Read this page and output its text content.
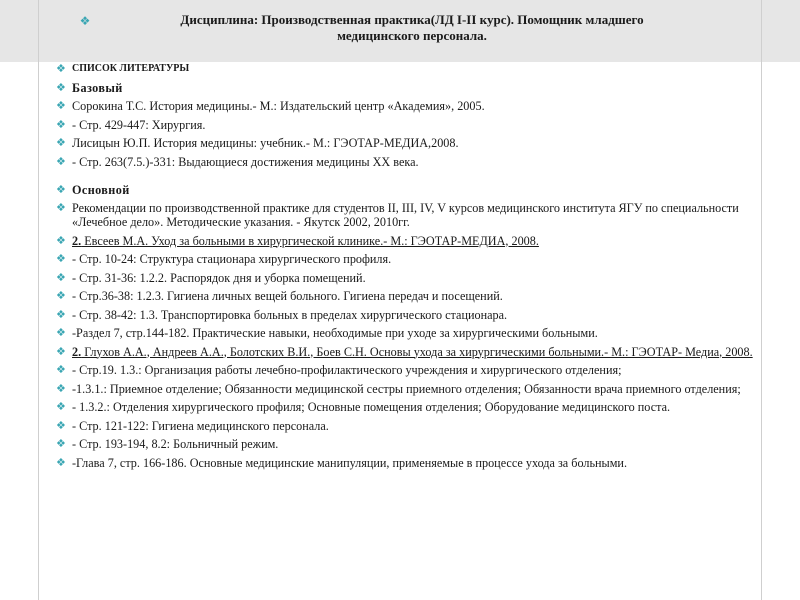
❖	Дисциплина: Производственная практика(ЛД I-II курс). Помощник младшего
медицинского персонала.
❖ СПИСОК ЛИТЕРАТУРЫ
❖ Базовый
❖ Сорокина Т.С. История медицины.- М.: Издательский центр «Академия», 2005.
❖ - Стр. 429-447: Хирургия.
❖ Лисицын Ю.П. История медицины: учебник.- М.: ГЭОТАР-МЕДИА,2008.
❖ - Стр. 263(7.5.)-331: Выдающиеся достижения медицины XX века.
❖ Основной
❖ Рекомендации по производственной практике для студентов II, III, IV, V курсов медицинского института ЯГУ по специальности «Лечебное дело». Методические указания. - Якутск 2002, 2010гг.
❖ 2. Евсеев М.А. Уход за больными в хирургической клинике.- М.: ГЭОТАР-МЕДИА, 2008.
❖ - Стр. 10-24: Структура стационара хирургического профиля.
❖ - Стр. 31-36: 1.2.2. Распорядок дня и уборка помещений.
❖ - Стр.36-38: 1.2.3. Гигиена личных вещей больного. Гигиена передач и посещений.
❖ - Стр. 38-42: 1.3. Транспортировка больных в пределах хирургического стационара.
❖ -Раздел 7, стр.144-182. Практические навыки, необходимые при уходе за хирургическими больными.
❖ 2. Глухов А.А., Андреев А.А., Болотских В.И., Боев С.Н. Основы ухода за хирургическими больными.- М.: ГЭОТАР- Медиа, 2008.
❖ - Стр.19. 1.3.: Организация работы лечебно-профилактического учреждения и хирургического отделения;
❖ -1.3.1.: Приемное отделение; Обязанности медицинской сестры приемного отделения; Обязанности врача приемного отделения;
❖ - 1.3.2.: Отделения хирургического профиля; Основные помещения отделения; Оборудование медицинского поста.
❖ - Стр. 121-122: Гигиена медицинского персонала.
❖ - Стр. 193-194, 8.2: Больничный режим.
❖ -Глава 7, стр. 166-186. Основные медицинские манипуляции, применяемые в процессе ухода за больными.
